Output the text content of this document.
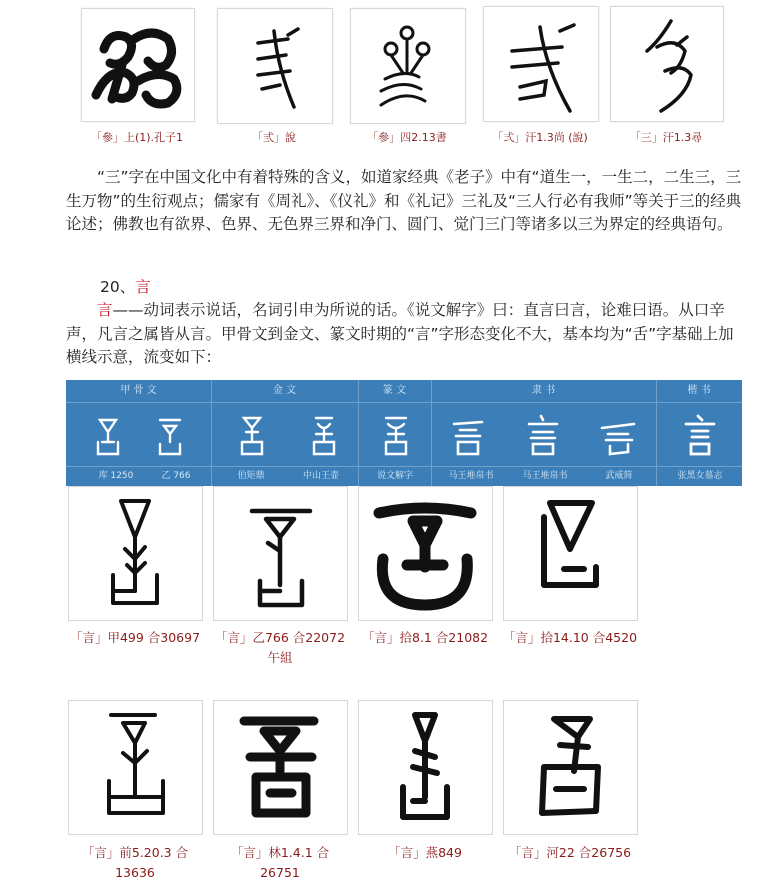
「參」上(1).孔子1	「弎」說	「參」四2.13書	「弍」汗1.3尚 (說)	「三」汗1.3尋
“三”字在中国文化中有着特殊的含义，如道家经典《老子》中有“道生一，一生二，二生三，三生万物”的生衍观点；儒家有《周礼》、《仪礼》和《礼记》三礼及“三人行必有我师”等关于三的经典论述；佛教也有欲界、色界、无色界三界和净门、圆门、觉门三门等诸多以三为界定的经典语句。
20、言
言——动词表示说话，名词引申为所说的话。《说文解字》曰：直言曰言，论难曰语。从口辛声，凡言之属皆从言。甲骨文到金文、篆文时期的“言”字形态变化不大，基本均为“舌”字基础上加横线示意，流变如下：
甲 骨 文	金 文	篆 文	隶 书	楷 书
库 1250	乙 766	伯矩鼎	中山王壶	说文解字	马王堆帛书	马王堆帛书	武威简	张黑女墓志
「言」甲499 合30697	「言」乙766 合22072
午組
「言」拾8.1 合21082	「言」拾14.10 合4520
「言」前5.20.3 合
13636
「言」林1.4.1 合
26751
「言」燕849	「言」河22 合26756
